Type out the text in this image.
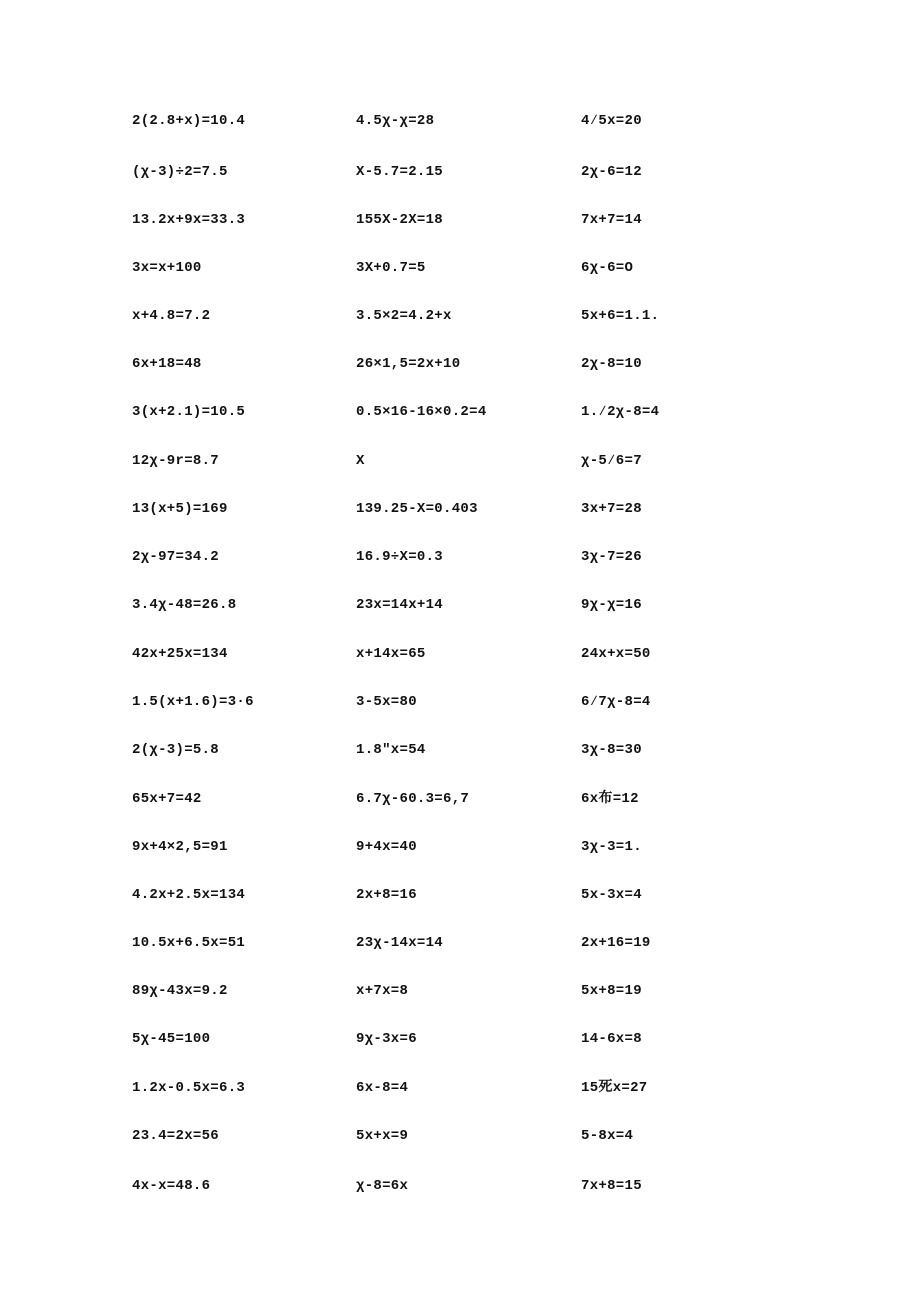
2(2.8+x)=10.4
(χ-3)÷2=7.5
13.2x+9x=33.3
3x=x+100
x+4.8=7.2
6x+18=48
3(x+2.1)=10.5
12χ-9r=8.7
13(x+5)=169
2χ-97=34.2
3.4χ-48=26.8
42x+25x=134
1.5(x+1.6)=3·6
2(χ-3)=5.8
65x+7=42
9x+4×2,5=91
4.2x+2.5x=134
10.5x+6.5x=51
89χ-43x=9.2
5χ-45=100
1.2x-0.5x=6.3
23.4=2x=56
4x-x=48.6
4.5χ-χ=28
X-5.7=2.15
155X-2X=18
3X+0.7=5
3.5×2=4.2+x
26×1,5=2x+10
0.5×16-16×0.2=4
X
139.25-X=0.403
16.9÷X=0.3
23x=14x+14
x+14x=65
3-5x=80
1.8"x=54
6.7χ-60.3=6,7
9+4x=40
2x+8=16
23χ-14x=14
x+7x=8
9χ-3x=6
6x-8=4
5x+x=9
χ-8=6x
4∕5x=20
2χ-6=12
7x+7=14
6χ-6=O
5x+6=1.1.
2χ-8=10
1.∕2χ-8=4
χ-5∕6=7
3x+7=28
3χ-7=26
9χ-χ=16
24x+x=50
6∕7χ-8=4
3χ-8=30
6x布=12
3χ-3=1.
5x-3x=4
2x+16=19
5x+8=19
14-6x=8
15死x=27
5-8x=4
7x+8=15
